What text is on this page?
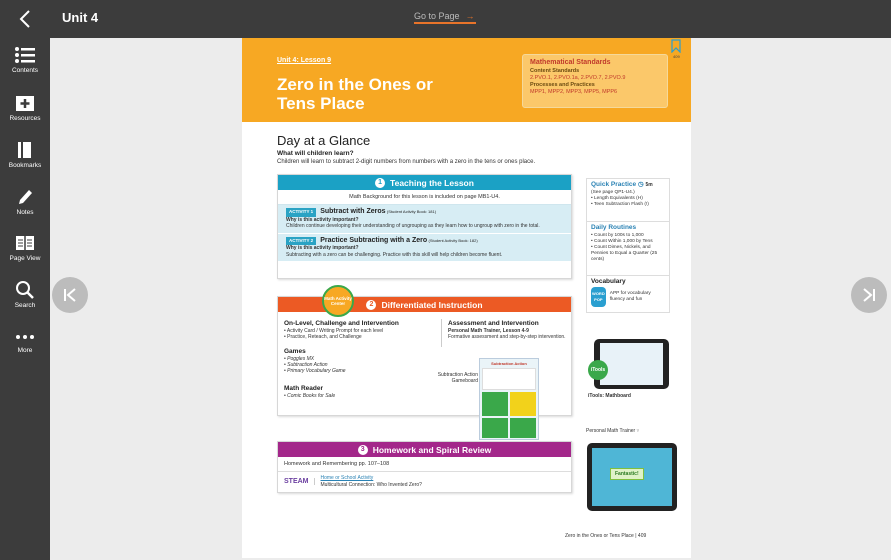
Unit 4	Go to Page →
Contents
Resources
Bookmarks
Notes
Page View
Search
More
Unit 4: Lesson 9
Zero in the Ones or Tens Place
Mathematical Standards
Content Standards
2.PVO.1, 2.PVO.1a, 2.PVO.7, 2.PVO.9
Processes and Practices
MPP1, MPP2, MPP3, MPP5, MPP6
409
Day at a Glance
What will children learn?
Children will learn to subtract 2-digit numbers from numbers with a zero in the tens or ones place.
1 Teaching the Lesson
Math Background for this lesson is included on page MB1-U4.
ACTIVITY 1 Subtract with Zeros (Student Activity Book: 181)
Why is this activity important?
Children continue developing their understanding of ungrouping as they learn how to ungroup with zero in the total.
ACTIVITY 2 Practice Subtracting with a Zero (Student Activity Book: 182)
Why is this activity important?
Subtracting with a zero can be challenging. Practice with this skill will help children become fluent.
Quick Practice ◷ 5m
(See page QP1-U4.)
• Length Equivalents (H)
• Teen Subtraction Flash (!)
Daily Routines
• Count by 100s to 1,000
• Count Within 1,000 by Tens
• Count Dimes, Nickels, and Pennies to Equal a Quarter (25 cents)
Vocabulary
WORD POP
APP for vocabulary fluency and fun
2 Differentiated Instruction
On-Level, Challenge and Intervention
• Activity Card / Writing Prompt for each level
• Practice, Reteach, and Challenge
Games
• Poggles MX
• Subtraction Action
• Primary Vocabulary Game
Math Reader
• Comic Books for Sale
Assessment and Intervention
Personal Math Trainer, Lesson 4-9
Formative assessment and step-by-step intervention.
Subtraction Action Gameboard
Subtraction Action
Math Activity Center
iTools
iTools: Mathboard
Personal Math Trainer ▿
Fantastic!
3 Homework and Spiral Review
Homework and Remembering pp. 107–108
STEAM	Home or School Activity
Multicultural Connection: Who Invented Zero?
Zero in the Ones or Tens Place | 409
